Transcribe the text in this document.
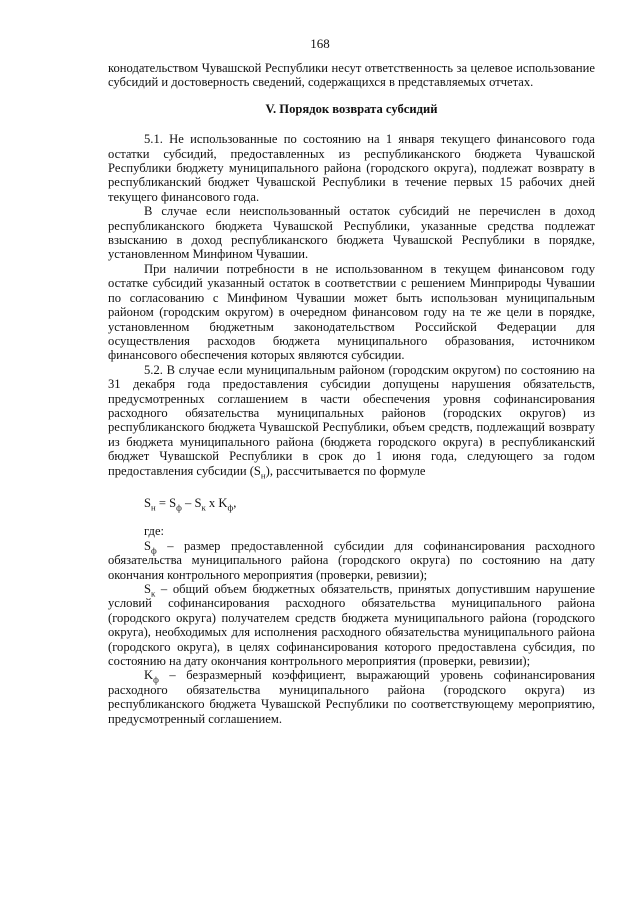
168

конодательством Чувашской Республики несут ответственность за целевое использование субсидий и достоверность сведений, содержащихся в представляемых отчетах.

V. Порядок возврата субсидий

5.1. Не использованные по состоянию на 1 января текущего финансового года остатки субсидий, предоставленных из республиканского бюджета Чувашской Республики бюджету муниципального района (городского округа), подлежат возврату в республиканский бюджет Чувашской Республики в течение первых 15 рабочих дней текущего финансового года.

В случае если неиспользованный остаток субсидий не перечислен в доход республиканского бюджета Чувашской Республики, указанные средства подлежат взысканию в доход республиканского бюджета Чувашской Республики в порядке, установленном Минфином Чувашии.

При наличии потребности в не использованном в текущем финансовом году остатке субсидий указанный остаток в соответствии с решением Минприроды Чувашии по согласованию с Минфином Чувашии может быть использован муниципальным районом (городским округом) в очередном финансовом году на те же цели в порядке, установленном бюджетным законодательством Российской Федерации для осуществления расходов бюджета муниципального образования, источником финансового обеспечения которых являются субсидии.

5.2. В случае если муниципальным районом (городским округом) по состоянию на 31 декабря года предоставления субсидии допущены нарушения обязательств, предусмотренных соглашением в части обеспечения уровня софинансирования расходного обязательства муниципальных районов (городских округов) из республиканского бюджета Чувашской Республики, объем средств, подлежащий возврату из бюджета муниципального района (бюджета городского округа) в республиканский бюджет Чувашской Республики в срок до 1 июня года, следующего за годом предоставления субсидии $(S_н)$, рассчитывается по формуле

$S_н = S_ф - S_к$ x $K_ф$,

где:

$S_ф$ – размер предоставленной субсидии для софинансирования расходного обязательства муниципального района (городского округа) по состоянию на дату окончания контрольного мероприятия (проверки, ревизии);

$S_к$ – общий объем бюджетных обязательств, принятых допустившим нарушение условий софинансирования расходного обязательства муниципального района (городского округа) получателем средств бюджета муниципального района (городского округа), необходимых для исполнения расходного обязательства муниципального района (городского округа), в целях софинансирования которого предоставлена субсидия, по состоянию на дату окончания контрольного мероприятия (проверки, ревизии);

$K_ф$ – безразмерный коэффициент, выражающий уровень софинансирования расходного обязательства муниципального района (городского округа) из республиканского бюджета Чувашской Республики по соответствующему мероприятию, предусмотренный соглашением.
